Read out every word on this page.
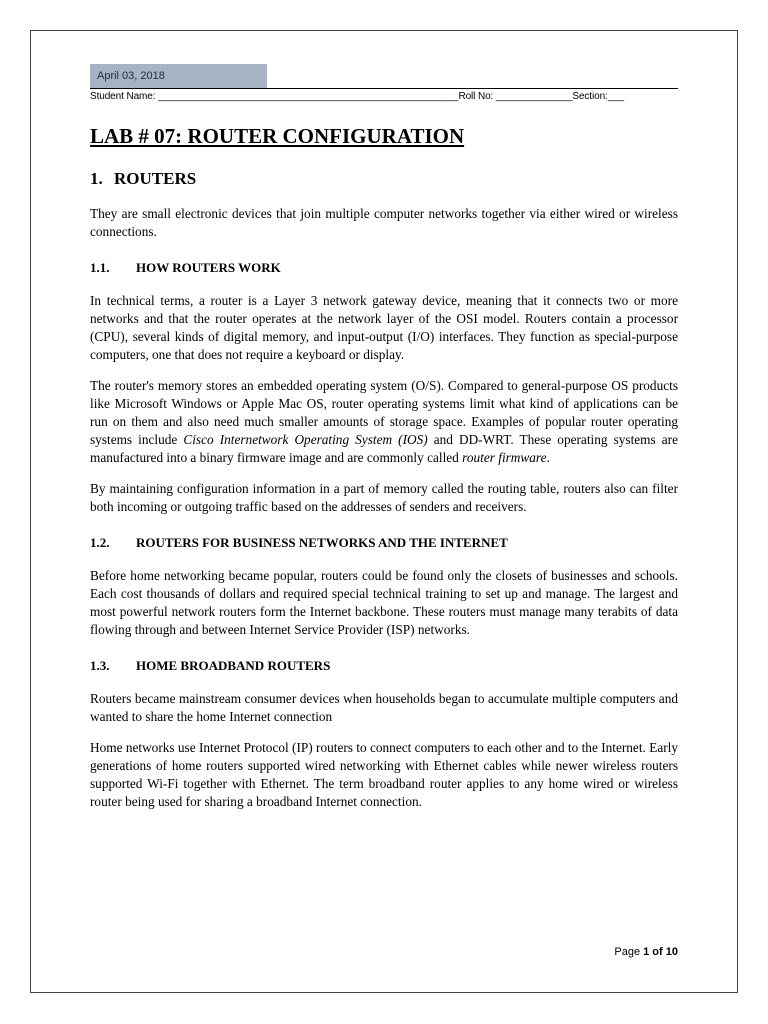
April 03, 2018
Student Name: _______________________________________________________Roll No: ______________Section:___
LAB # 07: ROUTER CONFIGURATION
1. ROUTERS

They are small electronic devices that join multiple computer networks together via either wired or wireless connections.

1.1. HOW ROUTERS WORK

In technical terms, a router is a Layer 3 network gateway device, meaning that it connects two or more networks and that the router operates at the network layer of the OSI model. Routers contain a processor (CPU), several kinds of digital memory, and input-output (I/O) interfaces. They function as special-purpose computers, one that does not require a keyboard or display.

The router's memory stores an embedded operating system (O/S). Compared to general-purpose OS products like Microsoft Windows or Apple Mac OS, router operating systems limit what kind of applications can be run on them and also need much smaller amounts of storage space. Examples of popular router operating systems include Cisco Internetwork Operating System (IOS) and DD-WRT. These operating systems are manufactured into a binary firmware image and are commonly called router firmware.

By maintaining configuration information in a part of memory called the routing table, routers also can filter both incoming or outgoing traffic based on the addresses of senders and receivers.

1.2. ROUTERS FOR BUSINESS NETWORKS AND THE INTERNET

Before home networking became popular, routers could be found only the closets of businesses and schools. Each cost thousands of dollars and required special technical training to set up and manage. The largest and most powerful network routers form the Internet backbone. These routers must manage many terabits of data flowing through and between Internet Service Provider (ISP) networks.

1.3. HOME BROADBAND ROUTERS

Routers became mainstream consumer devices when households began to accumulate multiple computers and wanted to share the home Internet connection

Home networks use Internet Protocol (IP) routers to connect computers to each other and to the Internet. Early generations of home routers supported wired networking with Ethernet cables while newer wireless routers supported Wi-Fi together with Ethernet. The term broadband router applies to any home wired or wireless router being used for sharing a broadband Internet connection.

Page 1 of 10
